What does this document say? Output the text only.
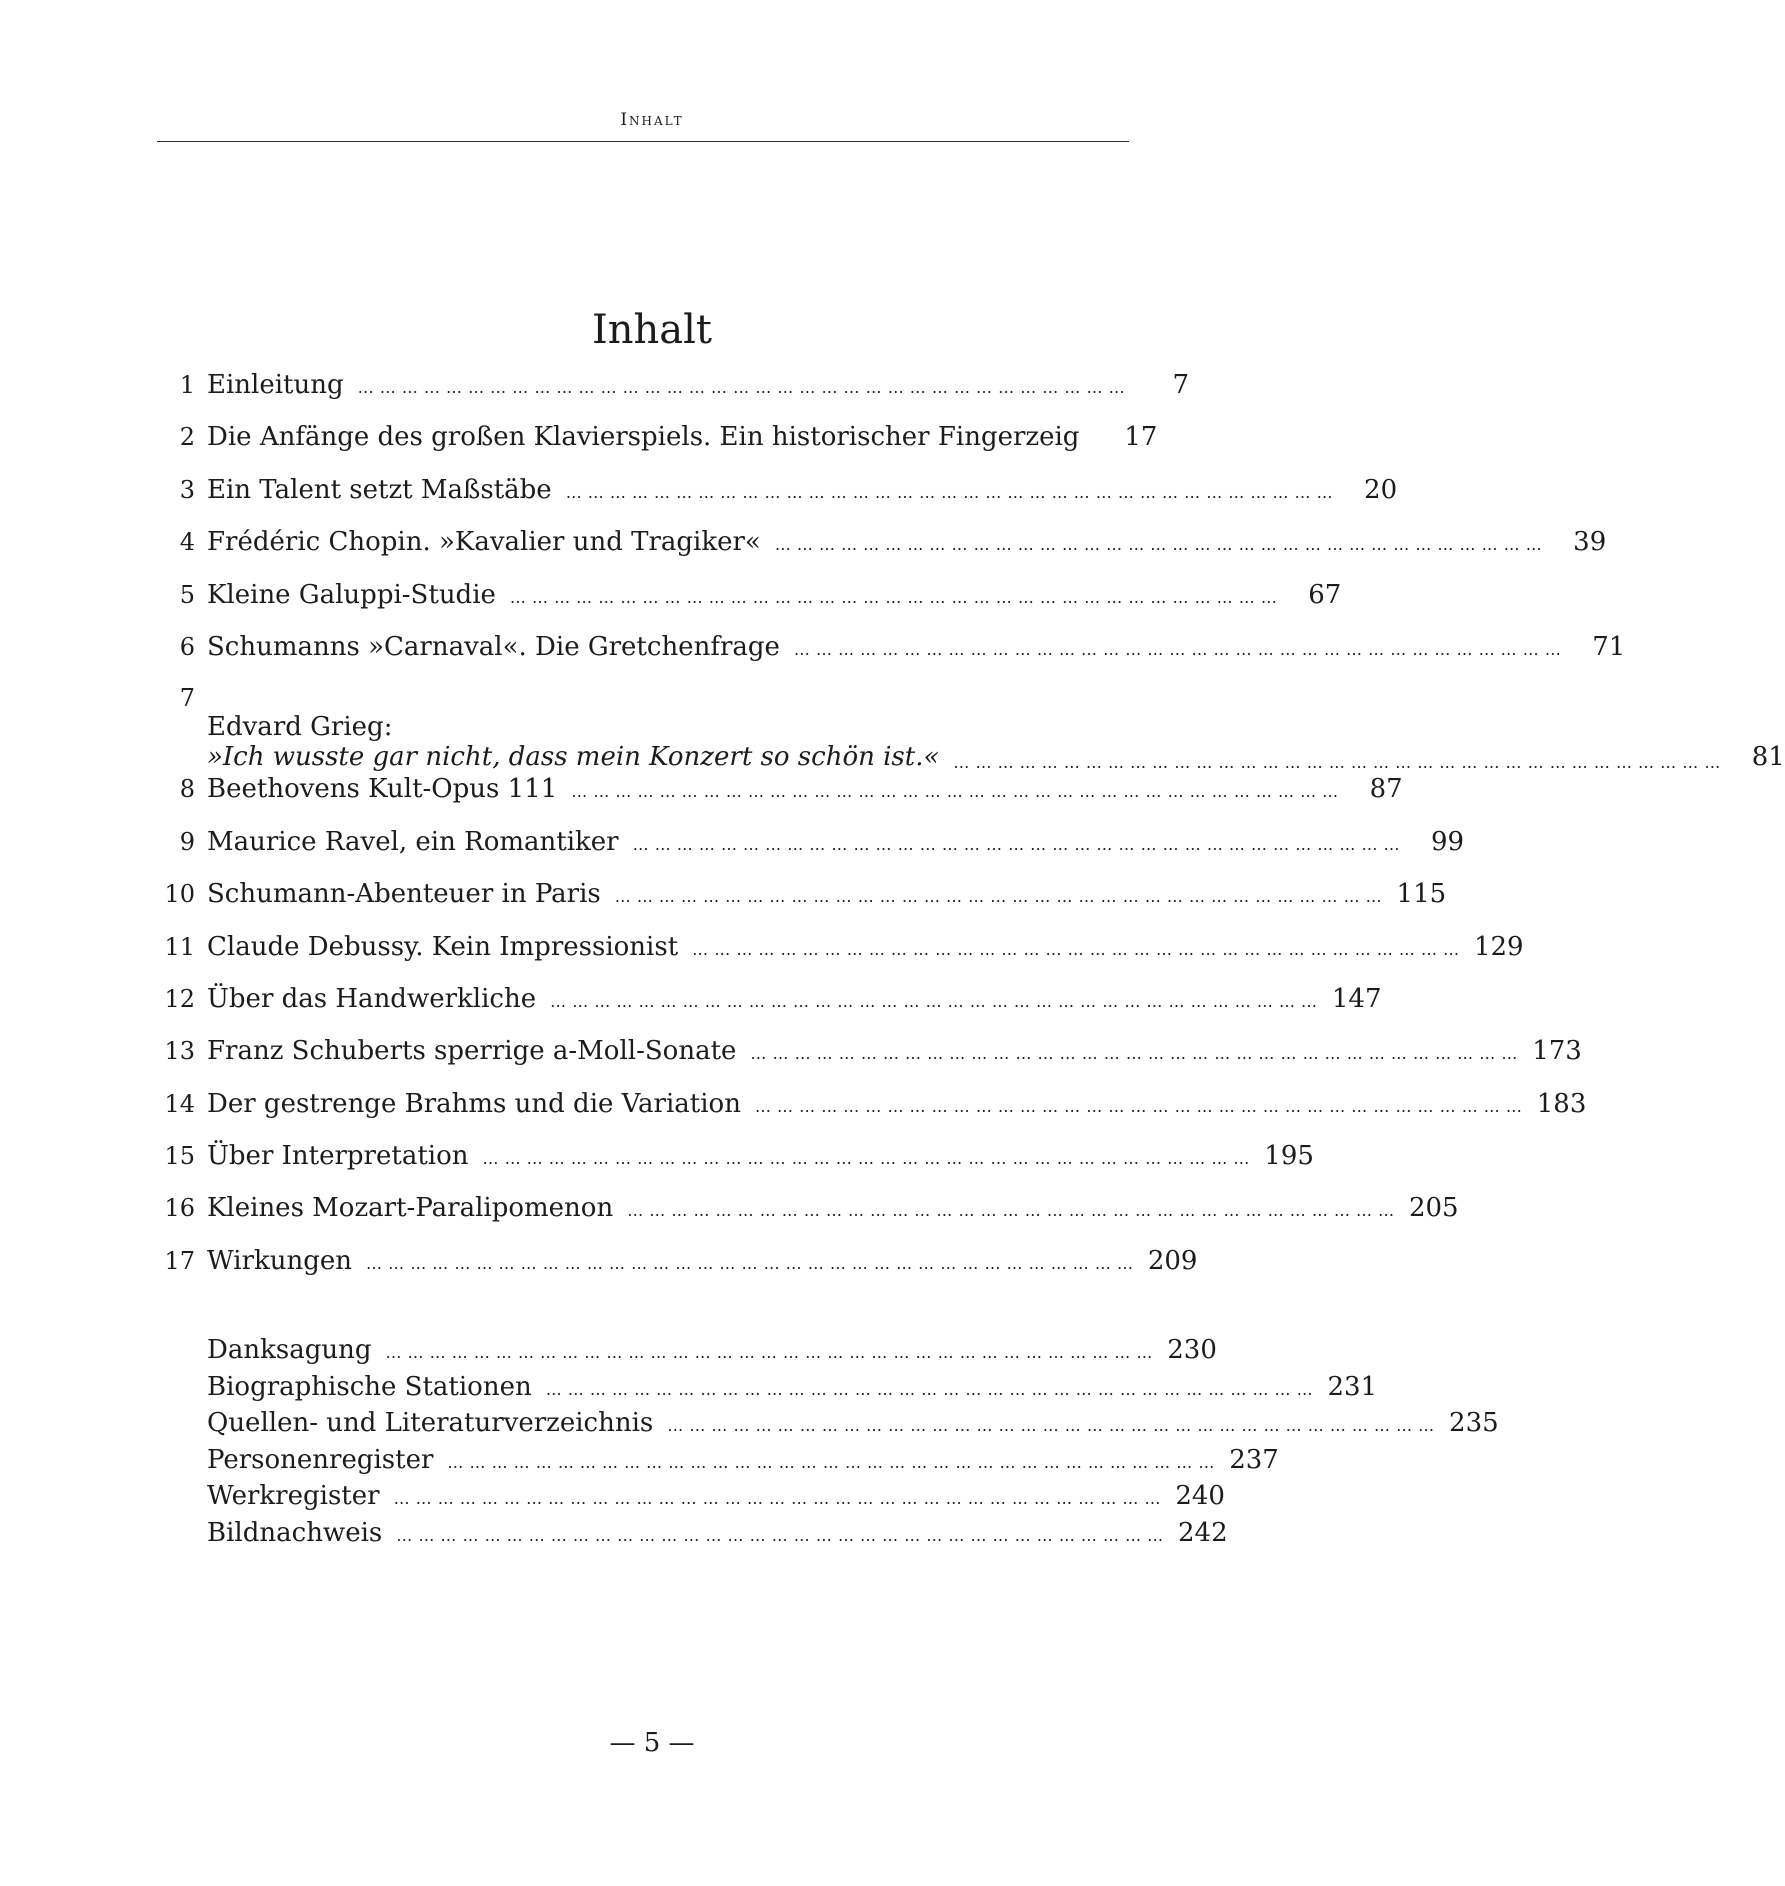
Inhalt
Inhalt
1 Einleitung … … … … … … … … … … … … … … … … … … … … … … … … … … … … … … … … … … …	7
2 Die Anfänge des großen Klavierspiels. Ein historischer Fingerzeig	17
3 Ein Talent setzt Maßstäbe … … … … … … … … … … … … … … … … … … … … … … … … … … … … … … … … … … …	20
4 Frédéric Chopin. »Kavalier und Tragiker« … … … … … … … … … … … … … … … … … … … … … … … … … … … … … … … … … … …	39
5 Kleine Galuppi-Studie … … … … … … … … … … … … … … … … … … … … … … … … … … … … … … … … … … …	67
6 Schumanns »Carnaval«. Die Gretchenfrage … … … … … … … … … … … … … … … … … … … … … … … … … … … … … … … … … … …	71
7
Edvard Grieg:
»Ich wusste gar nicht, dass mein Konzert so schön ist.« … … … … … … … … … … … … … … … … … … … … … … … … … … … … … … … … … … …	81
8 Beethovens Kult-Opus 111 … … … … … … … … … … … … … … … … … … … … … … … … … … … … … … … … … … …	87
9 Maurice Ravel, ein Romantiker … … … … … … … … … … … … … … … … … … … … … … … … … … … … … … … … … … …	99
10 Schumann-Abenteuer in Paris … … … … … … … … … … … … … … … … … … … … … … … … … … … … … … … … … … … 115
11 Claude Debussy. Kein Impressionist … … … … … … … … … … … … … … … … … … … … … … … … … … … … … … … … … … … 129
12 Über das Handwerkliche … … … … … … … … … … … … … … … … … … … … … … … … … … … … … … … … … … … 147
13 Franz Schuberts sperrige a-Moll-Sonate … … … … … … … … … … … … … … … … … … … … … … … … … … … … … … … … … … … 173
14 Der gestrenge Brahms und die Variation … … … … … … … … … … … … … … … … … … … … … … … … … … … … … … … … … … … 183
15 Über Interpretation … … … … … … … … … … … … … … … … … … … … … … … … … … … … … … … … … … … 195
16 Kleines Mozart-Paralipomenon … … … … … … … … … … … … … … … … … … … … … … … … … … … … … … … … … … … 205
17 Wirkungen … … … … … … … … … … … … … … … … … … … … … … … … … … … … … … … … … … … 209
Danksagung … … … … … … … … … … … … … … … … … … … … … … … … … … … … … … … … … … … 230
Biographische Stationen … … … … … … … … … … … … … … … … … … … … … … … … … … … … … … … … … … … 231
Quellen- und Literaturverzeichnis … … … … … … … … … … … … … … … … … … … … … … … … … … … … … … … … … … … 235
Personenregister … … … … … … … … … … … … … … … … … … … … … … … … … … … … … … … … … … … 237
Werkregister … … … … … … … … … … … … … … … … … … … … … … … … … … … … … … … … … … … 240
Bildnachweis … … … … … … … … … … … … … … … … … … … … … … … … … … … … … … … … … … … 242
— 5 —
